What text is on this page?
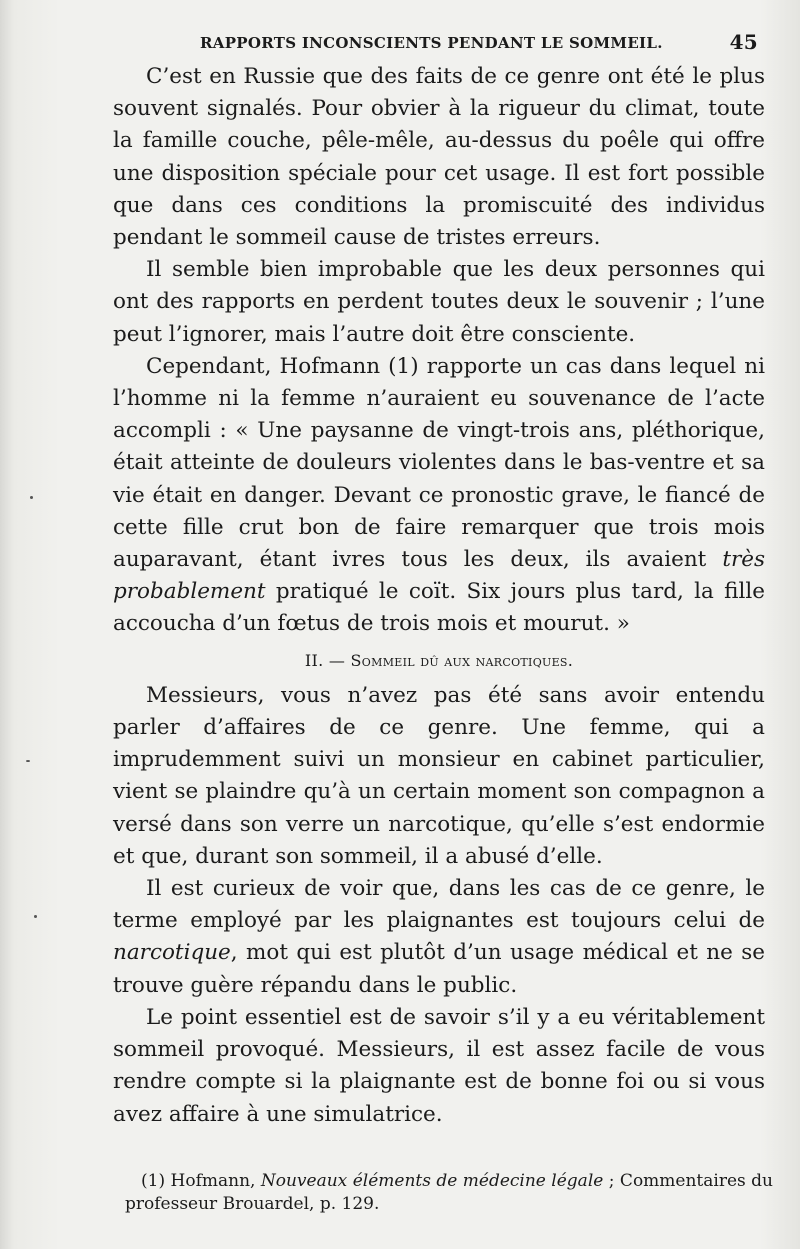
RAPPORTS INCONSCIENTS PENDANT LE SOMMEIL.	45

C’est en Russie que des faits de ce genre ont été le plus souvent signalés. Pour obvier à la rigueur du climat, toute la famille couche, pêle-mêle, au-dessus du poêle qui offre une disposition spéciale pour cet usage. Il est fort possible que dans ces conditions la promiscuité des individus pendant le sommeil cause de tristes erreurs.

Il semble bien improbable que les deux personnes qui ont des rapports en perdent toutes deux le souvenir ; l’une peut l’ignorer, mais l’autre doit être consciente.

Cependant, Hofmann (1) rapporte un cas dans lequel ni l’homme ni la femme n’auraient eu souvenance de l’acte accompli : « Une paysanne de vingt-trois ans, pléthorique, était atteinte de douleurs violentes dans le bas-ventre et sa vie était en danger. Devant ce pronostic grave, le fiancé de cette fille crut bon de faire remarquer que trois mois auparavant, étant ivres tous les deux, ils avaient très probablement pratiqué le coït. Six jours plus tard, la fille accoucha d’un fœtus de trois mois et mourut. »

II. — Sommeil dû aux narcotiques.

Messieurs, vous n’avez pas été sans avoir entendu parler d’affaires de ce genre. Une femme, qui a imprudemment suivi un monsieur en cabinet particulier, vient se plaindre qu’à un certain moment son compagnon a versé dans son verre un narcotique, qu’elle s’est endormie et que, durant son sommeil, il a abusé d’elle.

Il est curieux de voir que, dans les cas de ce genre, le terme employé par les plaignantes est toujours celui de narcotique, mot qui est plutôt d’un usage médical et ne se trouve guère répandu dans le public.

Le point essentiel est de savoir s’il y a eu véritablement sommeil provoqué. Messieurs, il est assez facile de vous rendre compte si la plaignante est de bonne foi ou si vous avez affaire à une simulatrice.

(1) Hofmann, Nouveaux éléments de médecine légale ; Commentaires du professeur Brouardel, p. 129.
